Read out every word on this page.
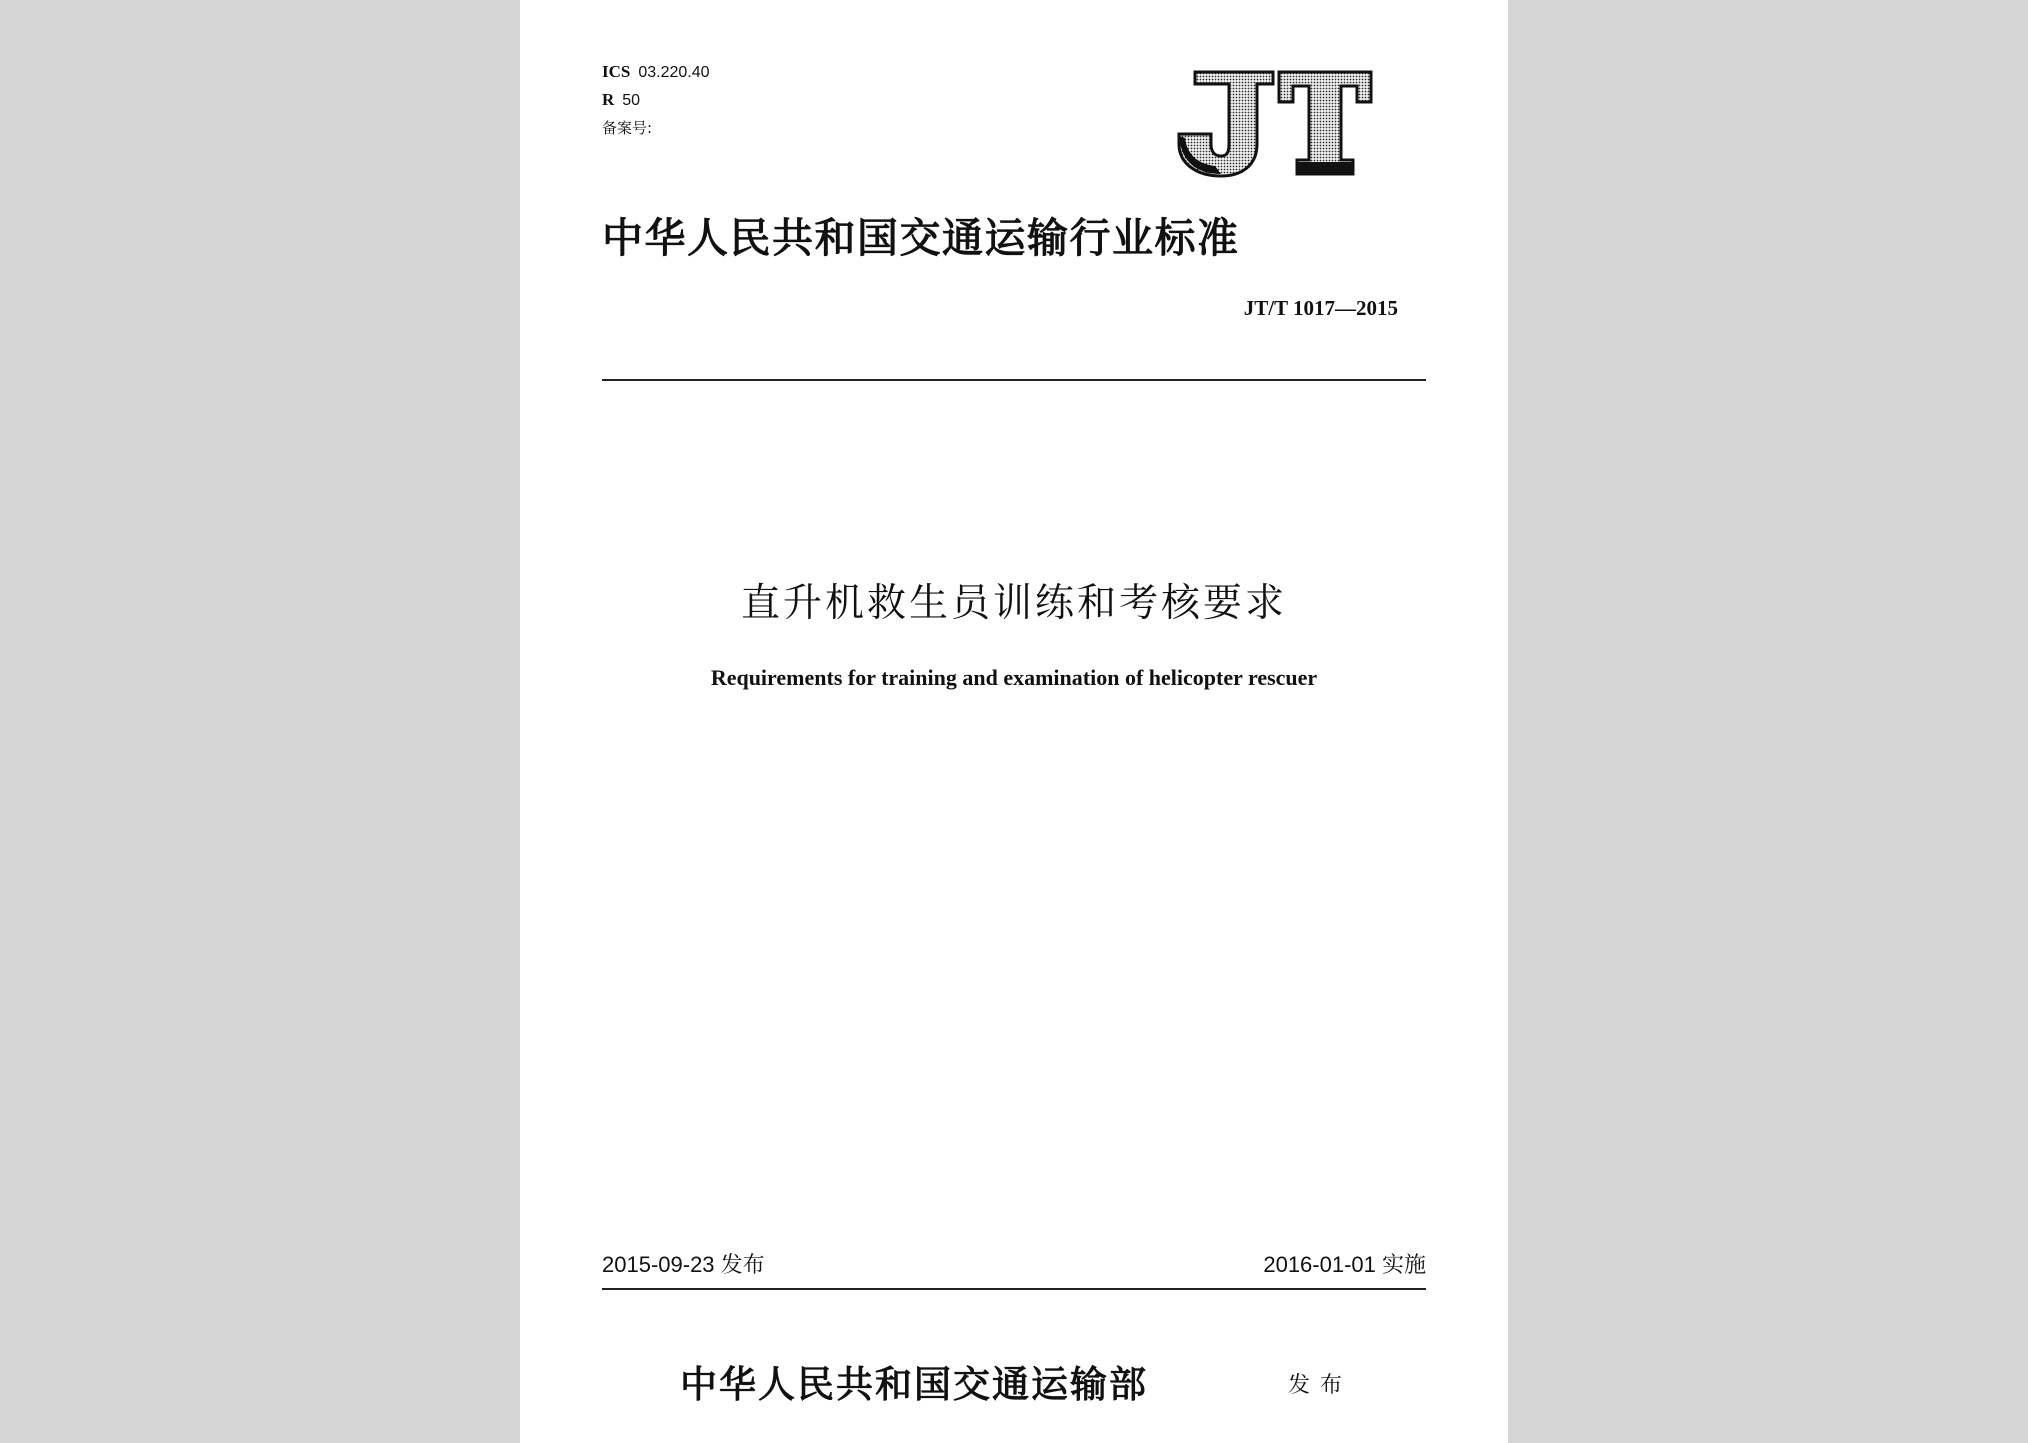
ICS 03.220.40
R 50
备案号:
中华人民共和国交通运输行业标准
JT/T 1017—2015
直升机救生员训练和考核要求
Requirements for training and examination of helicopter rescuer
2015-09-23 发布	2016-01-01 实施
中华人民共和国交通运输部	发布
